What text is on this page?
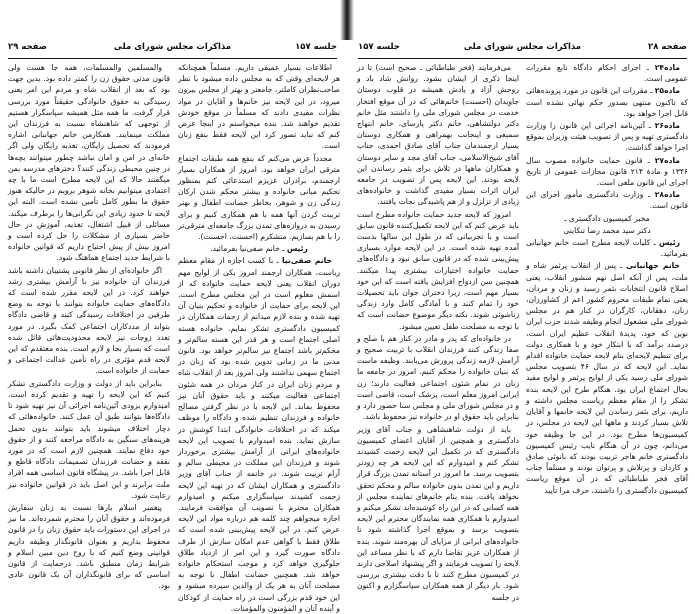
جلسه ۱۵۷
مذاکرات مجلس شورای ملی
صفحه ۲۹

اطلاعات بسیار عمیقی داریم. مسلماً همچنانکه هر لایحه‌ای وقتی که به مجلس داده میشود با نظر صاحب‌نظران کاملتر، جامعتر و بهتر از مجلس بیرون میرود، در این لایحه نیز خانم‌ها و آقایان در مواد نظرات مفیدی دادند که مسلماً در موقع خودش تقدیم خواهند شد. بنده میخواستم در اینجا عرض کنم که نباید تصور کرد این لایحه فقط بنفع زنان است.

مجدداً عرض می‌کنم که بنفع همه طبقات اجتماع مترقی ایران خواهد بود. امروز از همکاران بسیار ارجمندم، برادران عزیزم استدعائی کنم بمنظور تحکیم مبانی خانواده و بیشتر محکم شدن ارکان زندگی زن و شوهر، بخاطر حضانت اطفال و بهتر تربیت کردن آنها همه با هم همکاری کنیم و برای رسیدن به دروازه‌های تمدن بزرگ جامعه‌ای مترقی‌تر را با هم بسازیم. متشکرم (احسنت، احسنت).

رئیس ـ خانم صفی‌نیا بفرمائید.

خانم صفی‌نیا ـ با کسب اجازه از مقام معظم ریاست، همکاران ارجمند امروز یکی از لوایح مهم دوران انقلاب یعنی لایحه حمایت خانواده که از اسمش معلوم است در این مجلس مطرح است. این لایحه برای حمایت از خانواده و تحکیم بنیان آن تهیه شده و بنده لازم میدانم از زحمات همکاران در کمیسیون دادگستری تشکر نمایم. خانواده هسته اصلی اجتماع است و هر قدر این هسته سالم‌تر و محکم‌تر باشد اجتماع نیز سالم‌تر خواهد بود. قانون مدنی ما در زمانی تدوین شده بود که زنان در اجتماع سهمی نداشتند ولی امروز بعد از انقلاب شاه و مردم زنان ایران در کنار مردان در همه شئون اجتماعی فعالیت میکنند و باید حقوق آنان نیز محفوظ بماند. این لایحه با در نظر گرفتن مصالح خانواده و فرزندان تنظیم شده و دادگاه را موظف میکند که در اختلافات خانوادگی ابتدا کوشش در سازش نماید. بنده امیدوارم با تصویب این لایحه خانواده‌های ایرانی از آرامش بیشتری برخوردار شوند و فرزندان این مملکت در محیطی سالم و آرام تربیت شوند. در خاتمه از جناب آقای وزیر دادگستری و همکاران ایشان که در تهیه این لایحه زحمت کشیدند سپاسگزاری میکنم و امیدوارم همکاران محترم با تصویب آن موافقت فرمایند. اجازه میخواهم چند کلمه هم درباره مواد این لایحه عرض کنم. در این لایحه پیش‌بینی شده است که طلاق فقط با گواهی عدم امکان سازش از طرف دادگاه صورت گیرد و این امر از ازدیاد طلاق جلوگیری خواهد کرد و موجب استحکام خانواده خواهد شد. همچنین حضانت اطفال با توجه به مصلحت آنان به هر یک از والدین سپرده میشود و این خود قدم بزرگی است در راه حمایت از کودکان و آینده آنان و المؤمنون والمؤمنات.

والمسلمین والمسلمات، همه جا هست ولی قانون مدنی حقوق زن را کمتر داده بود. بدین جهت بود که بعد از انقلاب شاه و مردم این امر یعنی رسیدگی به حقوق خانوادگی حقیقتاً مورد بررسی قرار گرفت. ما همه مثل همیشه سپاسگزار هستیم از توجهی که شاهنشاه نسبت به فرزندان این مملکت مینمایند. همکارمن خانم جهانبانی اشاره فرمودند که تحصیل رایگان، تغذیه رایگان ولی اگر خانه‌ای در امن و امان نباشد چطور میتوانند بچه‌ها در چنین محیطی زندگی کنند؟ دخترهای مدرسه بمن میگفتند حالا که این لایحه مطرح است ما با چه اعتمادی میتوانیم بخانه شوهر برویم در حالیکه هنوز حقوق ما بطور کامل تأمین نشده است. البته این لایحه تا حدود زیادی این نگرانی‌ها را برطرف میکند. مسائلی از قبیل اشتغال، تغذیه، آموزش در حال حاضر بسیاری از مشکلات را حل کرده است و امروز بیش از پیش احتیاج داریم که قوانین خانواده با شرایط جدید اجتماع هماهنگ شود.

اگر خانواده‌ای از نظر قانونی پشتیبان داشته باشد فرزندان آن خانواده نیز با آرامش بیشتری رشد خواهند کرد. در این لایحه مقرر شده است که دادگاه‌های حمایت خانواده بتوانند با توجه به وضع طرفین در اختلافات رسیدگی کنند و قاضی دادگاه بتواند از مددکاران اجتماعی کمک بگیرد. در مورد تعدد زوجات نیز لایحه محدودیت‌هائی قائل شده است که بسیار بجا و لازم است. بنده معتقدم که این لایحه قدم مؤثری در راه تأمین عدالت اجتماعی و حمایت از خانواده است.

بنابراین باید از دولت و وزارت دادگستری تشکر کنیم که این لایحه را تهیه و تقدیم کرده است. امیدوارم بزودی آئین‌نامه اجرائی آن نیز تهیه شود تا دادگاه‌ها بتوانند طبق آن عمل کنند. خانواده‌هائی که دچار اختلاف میشوند باید بتوانند بدون تحمل هزینه‌های سنگین به دادگاه مراجعه کنند و از حقوق خود دفاع نمایند. همچنین لازم است که در مورد نفقه و حضانت فرزندان تصمیمات دادگاه قاطع و قابل اجرا باشد. در پیشگاه قانون اساسی همه افراد ملت برابرند و این اصل باید در قوانین خانواده نیز رعایت شود.

پیغمبر اسلام بارها نسبت به زنان سفارش فرموده‌اند و حقوق آنان را محترم شمرده‌اند. ما نیز در اجرای این دستورات باید حقوق زنان را در قانون محفوظ بداریم و بعنوان قانونگذار وظیفه داریم قوانینی وضع کنیم که با روح دین مبین اسلام و شرایط زمان منطبق باشد. درحمایت از قانون اساسی که برای قانونگذاران آن بک قانون عادی بود.

صفحه ۲۸
مذاکرات مجلس شورای ملی
جلسه ۱۵۷

ماده۲۴ ـ اجرای احکام دادگاه تابع مقررات عمومی است.

ماده۲۵ ـ مقررات این قانون در مورد پرونده‌هائی که تاکنون منتهی بصدور حکم نهائی نشده است قابل اجرا خواهد بود.

ماده۲۶ ـ آئین‌نامه اجرائی این قانون را وزارت دادگستری تهیه و پس از تصویب هیئت وزیران بموقع اجرا خواهد گذاشت.

ماده۲۷ ـ قانون حمایت خانواده مصوب سال ۱۳۴۶ و مادهٔ ۲۱۴ قانون مجازات عمومی از تاریخ اجرای این قانون ملغی است.

ماده۲۸ ـ وزارت دادگستری مأمور اجرای این قانون است.

مخبر کمیسیون دادگستری ـ

دکتر سید محمد رضا تنکابنی

رئیس ـ کلیات لایحه مطرح است خانم جهانبانی بفرمائید.

خانم جهانبانی ـ پس از انقلاب پرثمر شاه و ملت، پس از آنکه اصل نهم منشور انقلاب، یعنی اصلاح قانون انتخابات بثمر رسید و زنان و مردان، یعنی تمام طبقات محروم کشور اعم از کشاورزان، زنان، دهقانان، کارگران در کنار هم در مجلس شورای ملی مشغول انجام وظیفه شدند حزب ایران نوین که خود، پدیدهٔ انقلاب عظیم ایران است، درصدد برآمد که با ابتکار خود و با همکاری دولت برای تنظیم لایحه‌ای بنام لایحه حمایت خانواده اقدام نماید. این لایحه که در سال ۴۶ بتصویب مجلس شورای ملی رسید یکی از لوایح پرثمر و لوایح مفید بحال اجتماع ایران بود. هنگام طرح این لایحه بنده تشکر را از مقام معظم ریاست مجلس داشته و داریم، برای بثمر رساندن این لایحه خانمها و آقایان تلاش بسیار کردند و ماهها این لایحه در مجلس، در کمیسیون‌ها مطرح بود. در این جا وظیفه خود می‌دانم، چون در آن هنگام نایب رئیس کمیسیون دادگستری خانم هاجر تربیت بودند که بانوئی صادق و کاردان و پرتلاش و پرتوان بودند و مسلماً جناب آقای فخر طباطبائی که در آن موقع ریاست کمیسیون دادگستری را داشتند، حرف مرا تأیید

می‌فرمایند (فخر طباطبائی ـ صحیح است) تا در اینجا ذکری از ایشان بشود. روانش شاد باد و روحش آزاد و یادش همیشه در قلوب دوستان جاویدان (احسنت) خانم‌هائی که در آن موقع افتخار خدمت در مجلس شورای ملی را داشتند مثل خانم دکتر دولتشاهی، خانم دکتر پارسای، خانم ابتهاج سمیعی و اینجانب بهمراهی و همکاری دوستان بسیار ارجمندمان جناب آقای صادق احمدی، جناب آقای شیخ‌الاسلامی، جناب آقای مجد و سایر دوستان و همکاران ماهها در تلاش برای بثمر رساندن این لایحه بودند. این لایحه پس از تصویب در جامعه ایران اثرات بسیار مفیدی گذاشت و خانواده‌های زیادی از تزلزل و از هم پاشیدگی نجات یافتند.

امروز که لایحه جدید حمایت خانواده مطرح است باید عرض کنم که این لایحه تکمیل‌کننده قانون سابق است و با تجربیاتی که در طول این سالها بدست آمده تهیه شده است. در این لایحه موارد بسیاری پیش‌بینی شده که در قانون سابق نبود و دادگاه‌های حمایت خانواده اختیارات بیشتری پیدا میکنند. همچنین سن ازدواج افزایش یافته است که این خود بسیار مهم است، زیرا دختران جوان باید تحصیلات خود را تمام کنند و با آمادگی کامل وارد زندگی زناشوئی شوند. نکته دیگر موضوع حضانت است که با توجه به مصلحت طفل تعیین میشود.

در خانواده‌ای که پدر و مادر در کنار هم با صلح و صفا زندگی کنند فرزندان انقلاب با تربیت صحیح و آرامش لازمه زندگی پرورش می‌یابند. وظیفه ماست که بنیان خانواده را محکم کنیم. امروز در جامعه ما زنان در تمام شئون اجتماعی فعالیت دارند؛ زن ایرانی امروز معلم است، پزشک است، قاضی است و در مجلس شورای ملی و مجلس سنا حضور دارد و بنابراین باید حقوق او در خانواده نیز محفوظ باشد.

باید از دولت شاهنشاهی و جناب آقای وزیر دادگستری و همچنین از آقایان اعضای کمیسیون دادگستری که در تکمیل این لایحه زحمت کشیدند تشکر کنم و امیدوارم که این لایحه هر چه زودتر بتصویب برسد. ما امروز در آستانه تمدن بزرگ قرار داریم و این تمدن بدون خانواده سالم و محکم تحقق نخواهد یافت. بنده بنام خانم‌های نماینده مجلس از همه کسانی که در این راه کوشیده‌اند تشکر میکنم و امیدوارم با همکاری همه نمایندگان محترم این لایحه بتصویب برسد و بموقع اجرا گذاشته شود تا خانواده‌های ایرانی از مزایای آن بهره‌مند شوند. بنده از همکاران عزیز تقاضا دارم که با نظر مساعد این لایحه را تصویب فرمایند و اگر پیشنهاد اصلاحی دارند در کمیسیون مطرح کنند تا با دقت بیشتری بررسی شود. بار دیگر از همه همکاران سپاسگزارم و اکنون در جلسه
